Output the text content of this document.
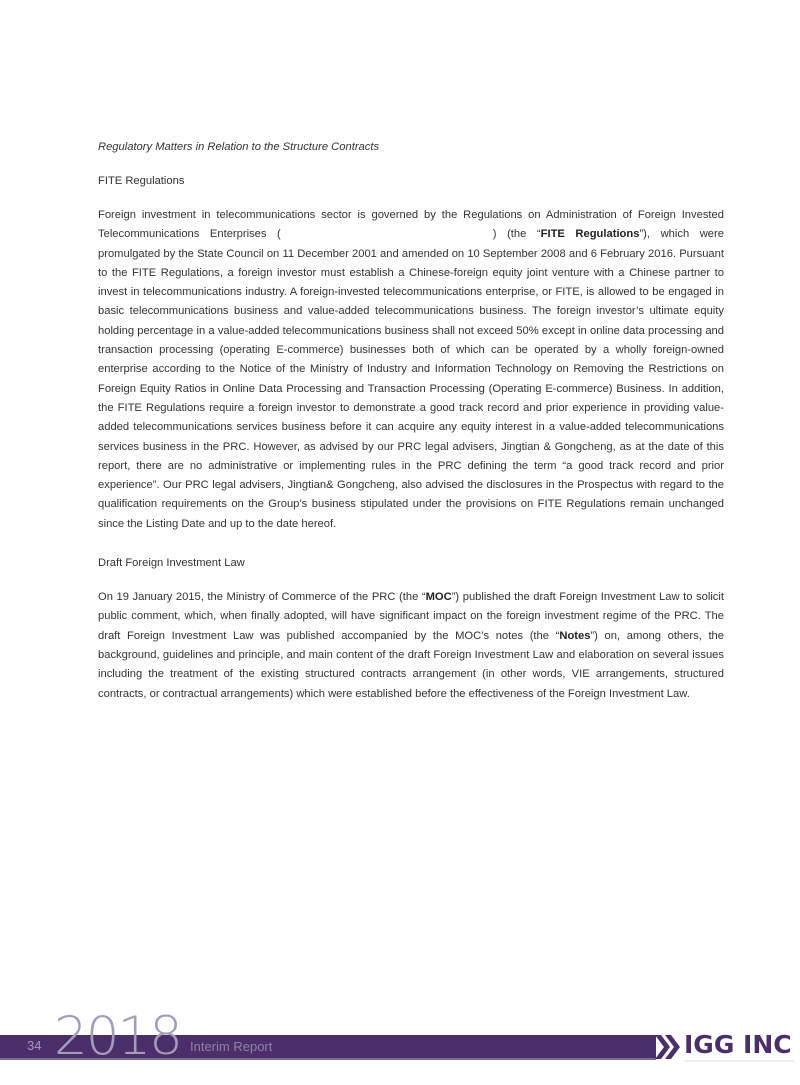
Regulatory Matters in Relation to the Structure Contracts

FITE Regulations

Foreign investment in telecommunications sector is governed by the Regulations on Administration of Foreign Invested Telecommunications Enterprises (	) (the “FITE Regulations”), which were promulgated by the State Council on 11 December 2001 and amended on 10 September 2008 and 6 February 2016. Pursuant to the FITE Regulations, a foreign investor must establish a Chinese-foreign equity joint venture with a Chinese partner to invest in telecommunications industry. A foreign-invested telecommunications enterprise, or FITE, is allowed to be engaged in basic telecommunications business and value-added telecommunications business. The foreign investor’s ultimate equity holding percentage in a value-added telecommunications business shall not exceed 50% except in online data processing and transaction processing (operating E-commerce) businesses both of which can be operated by a wholly foreign-owned enterprise according to the Notice of the Ministry of Industry and Information Technology on Removing the Restrictions on Foreign Equity Ratios in Online Data Processing and Transaction Processing (Operating E-commerce) Business. In addition, the FITE Regulations require a foreign investor to demonstrate a good track record and prior experience in providing value-added telecommunications services business before it can acquire any equity interest in a value-added telecommunications services business in the PRC. However, as advised by our PRC legal advisers, Jingtian & Gongcheng, as at the date of this report, there are no administrative or implementing rules in the PRC defining the term “a good track record and prior experience”. Our PRC legal advisers, Jingtian& Gongcheng, also advised the disclosures in the Prospectus with regard to the qualification requirements on the Group’s business stipulated under the provisions on FITE Regulations remain unchanged since the Listing Date and up to the date hereof.

Draft Foreign Investment Law

On 19 January 2015, the Ministry of Commerce of the PRC (the “MOC”) published the draft Foreign Investment Law to solicit public comment, which, when finally adopted, will have significant impact on the foreign investment regime of the PRC. The draft Foreign Investment Law was published accompanied by the MOC’s notes (the “Notes”) on, among others, the background, guidelines and principle, and main content of the draft Foreign Investment Law and elaboration on several issues including the treatment of the existing structured contracts arrangement (in other words, VIE arrangements, structured contracts, or contractual arrangements) which were established before the effectiveness of the Foreign Investment Law.

34 2018 Interim Report	IGG INC
